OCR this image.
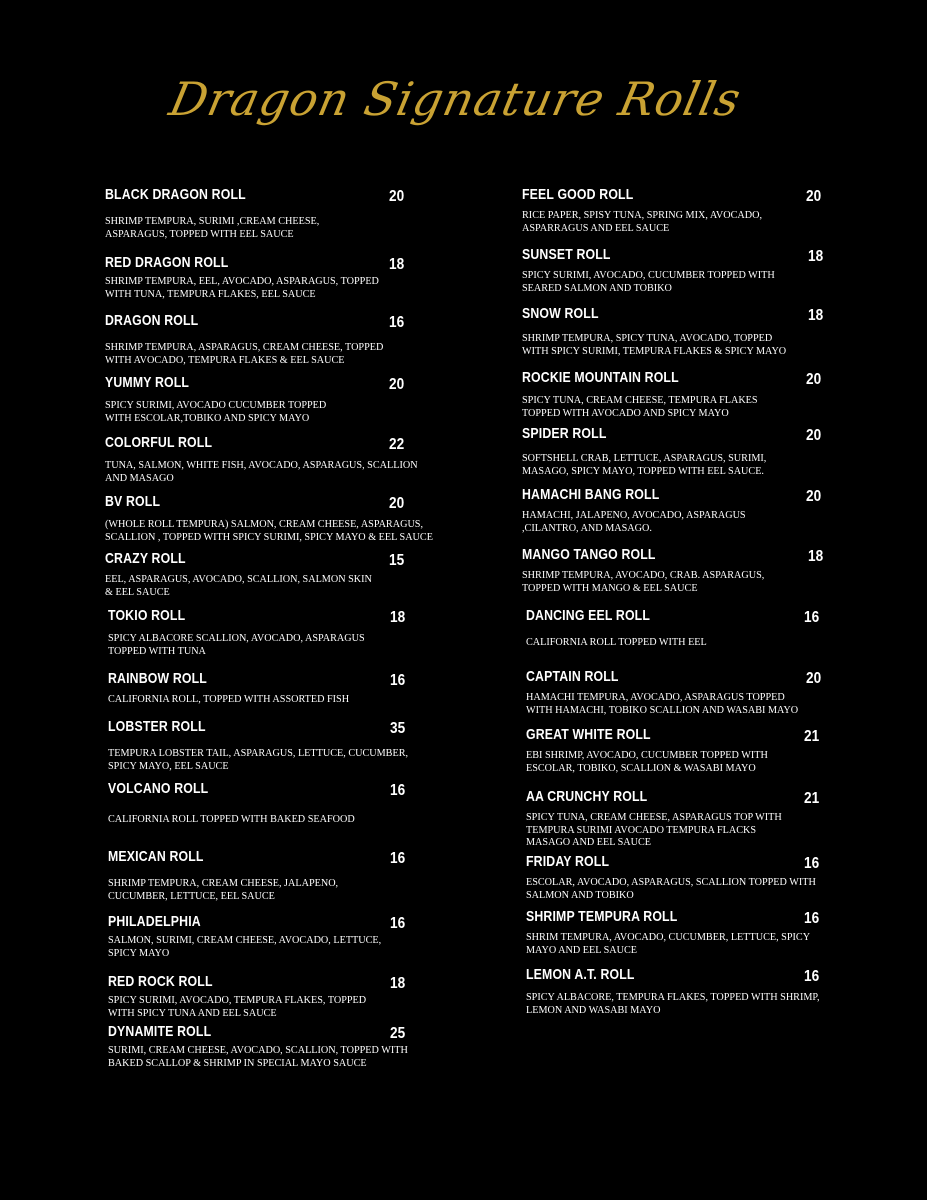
Dragon Signature Rolls
BLACK DRAGON ROLL	20
SHRIMP TEMPURA, SURIMI ,CREAM CHEESE,
ASPARAGUS, TOPPED WITH EEL SAUCE
RED DRAGON ROLL	18
SHRIMP TEMPURA, EEL, AVOCADO, ASPARAGUS, TOPPED
WITH TUNA, TEMPURA FLAKES, EEL SAUCE
DRAGON ROLL	16
SHRIMP TEMPURA, ASPARAGUS, CREAM CHEESE, TOPPED
WITH AVOCADO, TEMPURA FLAKES & EEL SAUCE
YUMMY ROLL	20
SPICY SURIMI, AVOCADO CUCUMBER TOPPED
WITH ESCOLAR,TOBIKO AND SPICY MAYO
COLORFUL ROLL	22
TUNA, SALMON, WHITE FISH, AVOCADO, ASPARAGUS, SCALLION
AND MASAGO
BV ROLL	20
(WHOLE ROLL TEMPURA) SALMON, CREAM CHEESE, ASPARAGUS,
SCALLION , TOPPED WITH SPICY SURIMI, SPICY MAYO & EEL SAUCE
CRAZY ROLL	15
EEL, ASPARAGUS, AVOCADO, SCALLION, SALMON SKIN
& EEL SAUCE
TOKIO ROLL	18
SPICY ALBACORE SCALLION, AVOCADO, ASPARAGUS
TOPPED WITH TUNA
RAINBOW ROLL	16
CALIFORNIA ROLL, TOPPED WITH ASSORTED FISH
LOBSTER ROLL	35
TEMPURA LOBSTER TAIL, ASPARAGUS, LETTUCE, CUCUMBER,
SPICY MAYO, EEL SAUCE
VOLCANO ROLL	16
CALIFORNIA ROLL TOPPED WITH BAKED SEAFOOD
MEXICAN ROLL	16
SHRIMP TEMPURA, CREAM CHEESE, JALAPENO,
CUCUMBER, LETTUCE, EEL SAUCE
PHILADELPHIA	16
SALMON, SURIMI, CREAM CHEESE, AVOCADO, LETTUCE,
SPICY MAYO
RED ROCK ROLL	18
SPICY SURIMI, AVOCADO, TEMPURA FLAKES, TOPPED
WITH SPICY TUNA AND EEL SAUCE
DYNAMITE ROLL	25
SURIMI, CREAM CHEESE, AVOCADO, SCALLION, TOPPED WITH
BAKED SCALLOP & SHRIMP IN SPECIAL MAYO SAUCE
FEEL GOOD ROLL	20
RICE PAPER, SPISY TUNA, SPRING MIX, AVOCADO,
ASPARRAGUS AND EEL SAUCE
SUNSET ROLL	18
SPICY SURIMI, AVOCADO, CUCUMBER TOPPED WITH
SEARED SALMON AND TOBIKO
SNOW ROLL	18
SHRIMP TEMPURA, SPICY TUNA, AVOCADO, TOPPED
WITH SPICY SURIMI, TEMPURA FLAKES & SPICY MAYO
ROCKIE MOUNTAIN ROLL	20
SPICY TUNA, CREAM CHEESE, TEMPURA FLAKES
TOPPED WITH AVOCADO AND SPICY MAYO
SPIDER ROLL	20
SOFTSHELL CRAB, LETTUCE, ASPARAGUS, SURIMI,
MASAGO, SPICY MAYO, TOPPED WITH EEL SAUCE.
HAMACHI BANG ROLL	20
HAMACHI, JALAPENO, AVOCADO, ASPARAGUS
,CILANTRO, AND MASAGO.
MANGO TANGO ROLL	18
SHRIMP TEMPURA, AVOCADO, CRAB. ASPARAGUS,
TOPPED WITH MANGO & EEL SAUCE
DANCING EEL ROLL	16
CALIFORNIA ROLL TOPPED WITH EEL
CAPTAIN ROLL	20
HAMACHI TEMPURA, AVOCADO, ASPARAGUS TOPPED
WITH HAMACHI, TOBIKO SCALLION AND WASABI MAYO
GREAT WHITE ROLL	21
EBI SHRIMP, AVOCADO, CUCUMBER TOPPED WITH
ESCOLAR, TOBIKO, SCALLION & WASABI MAYO
AA CRUNCHY ROLL	21
SPICY TUNA, CREAM CHEESE, ASPARAGUS TOP WITH
TEMPURA SURIMI AVOCADO TEMPURA FLACKS
MASAGO AND EEL SAUCE
FRIDAY ROLL	16
ESCOLAR, AVOCADO, ASPARAGUS, SCALLION TOPPED WITH
SALMON AND TOBIKO
SHRIMP TEMPURA ROLL	16
SHRIM TEMPURA, AVOCADO, CUCUMBER, LETTUCE, SPICY
MAYO AND EEL SAUCE
LEMON A.T. ROLL	16
SPICY ALBACORE, TEMPURA FLAKES, TOPPED WITH SHRIMP,
LEMON AND WASABI MAYO
